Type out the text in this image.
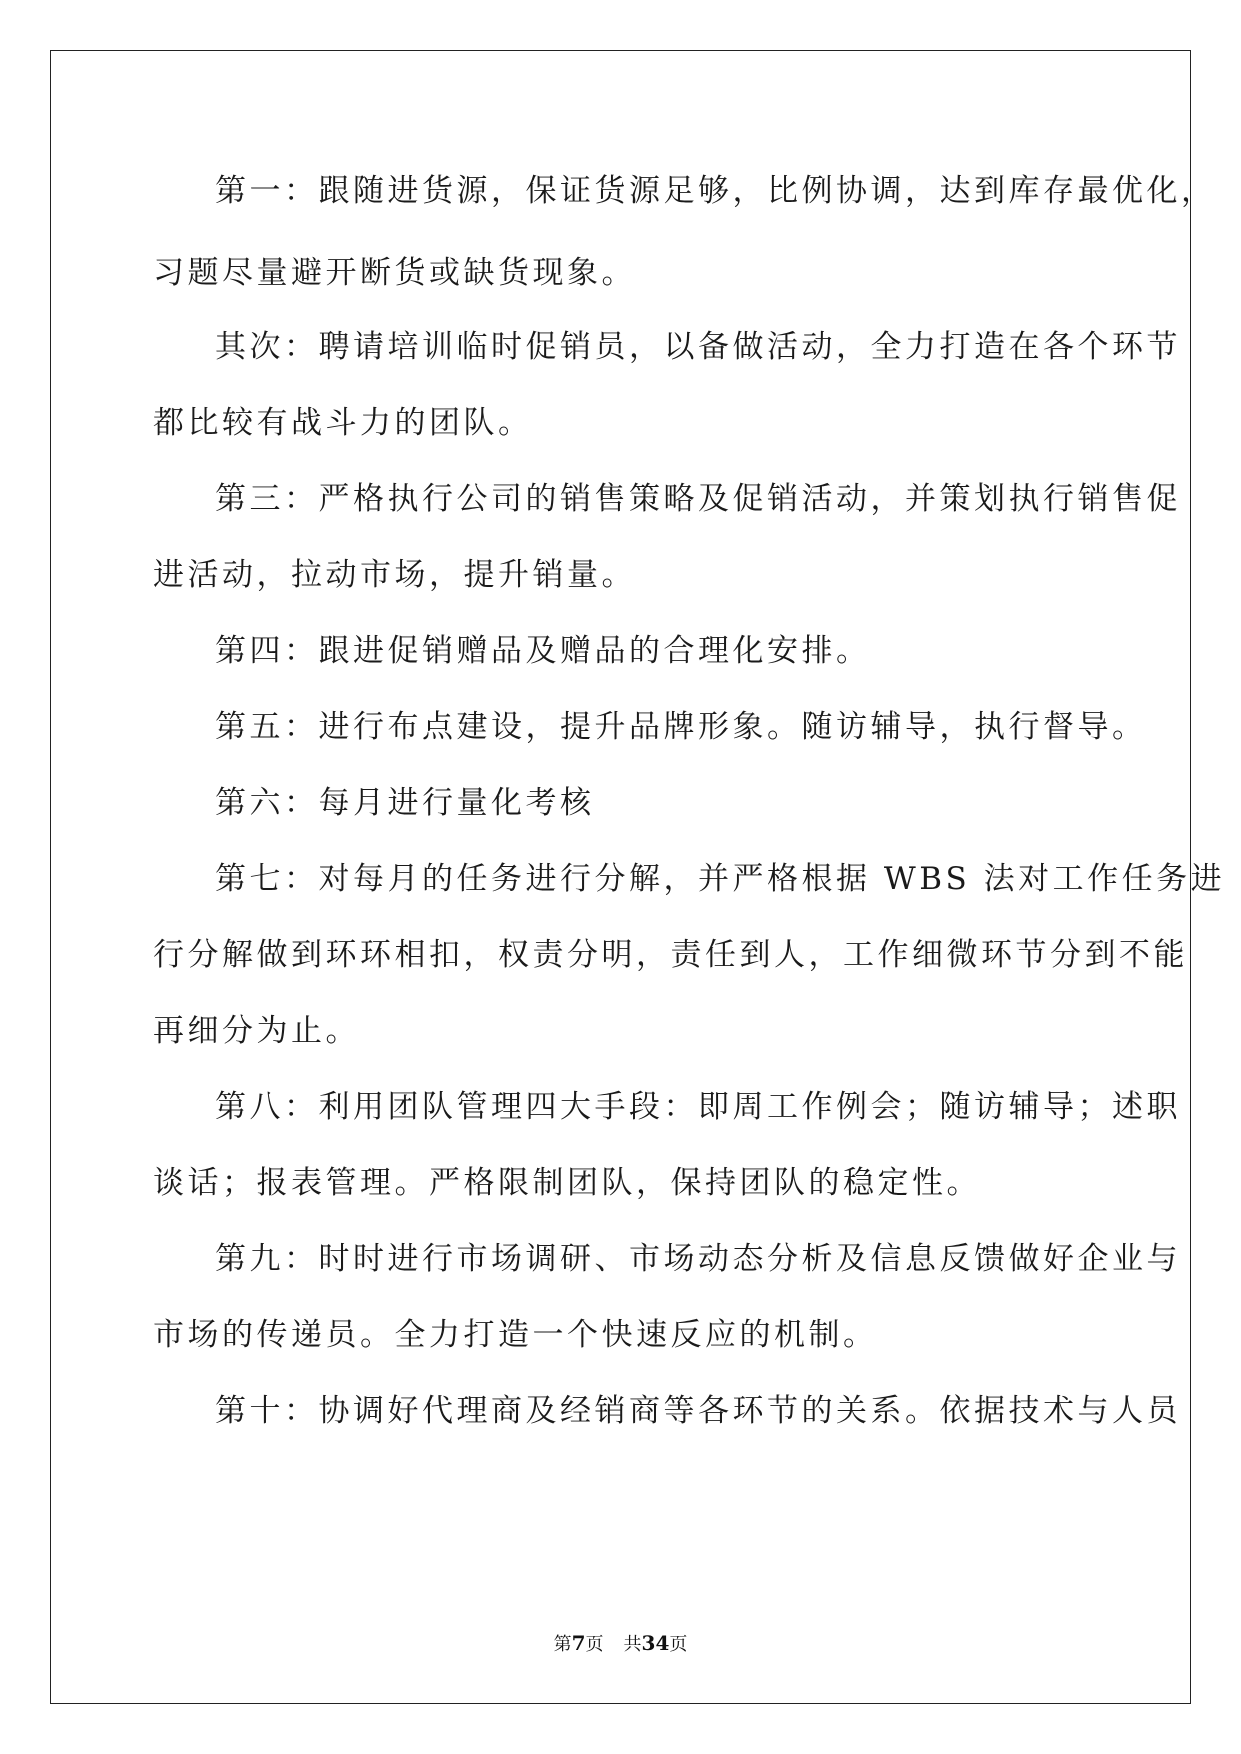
第一：跟随进货源，保证货源足够，比例协调，达到库存最优化，
习题尽量避开断货或缺货现象。
其次：聘请培训临时促销员，以备做活动，全力打造在各个环节
都比较有战斗力的团队。
第三：严格执行公司的销售策略及促销活动，并策划执行销售促
进活动，拉动市场，提升销量。
第四：跟进促销赠品及赠品的合理化安排。
第五：进行布点建设，提升品牌形象。随访辅导，执行督导。
第六：每月进行量化考核
第七：对每月的任务进行分解，并严格根据 WBS 法对工作任务进
行分解做到环环相扣，权责分明，责任到人，工作细微环节分到不能
再细分为止。
第八：利用团队管理四大手段：即周工作例会；随访辅导；述职
谈话；报表管理。严格限制团队，保持团队的稳定性。
第九：时时进行市场调研、市场动态分析及信息反馈做好企业与
市场的传递员。全力打造一个快速反应的机制。
第十：协调好代理商及经销商等各环节的关系。依据技术与人员
第7页 共34页
